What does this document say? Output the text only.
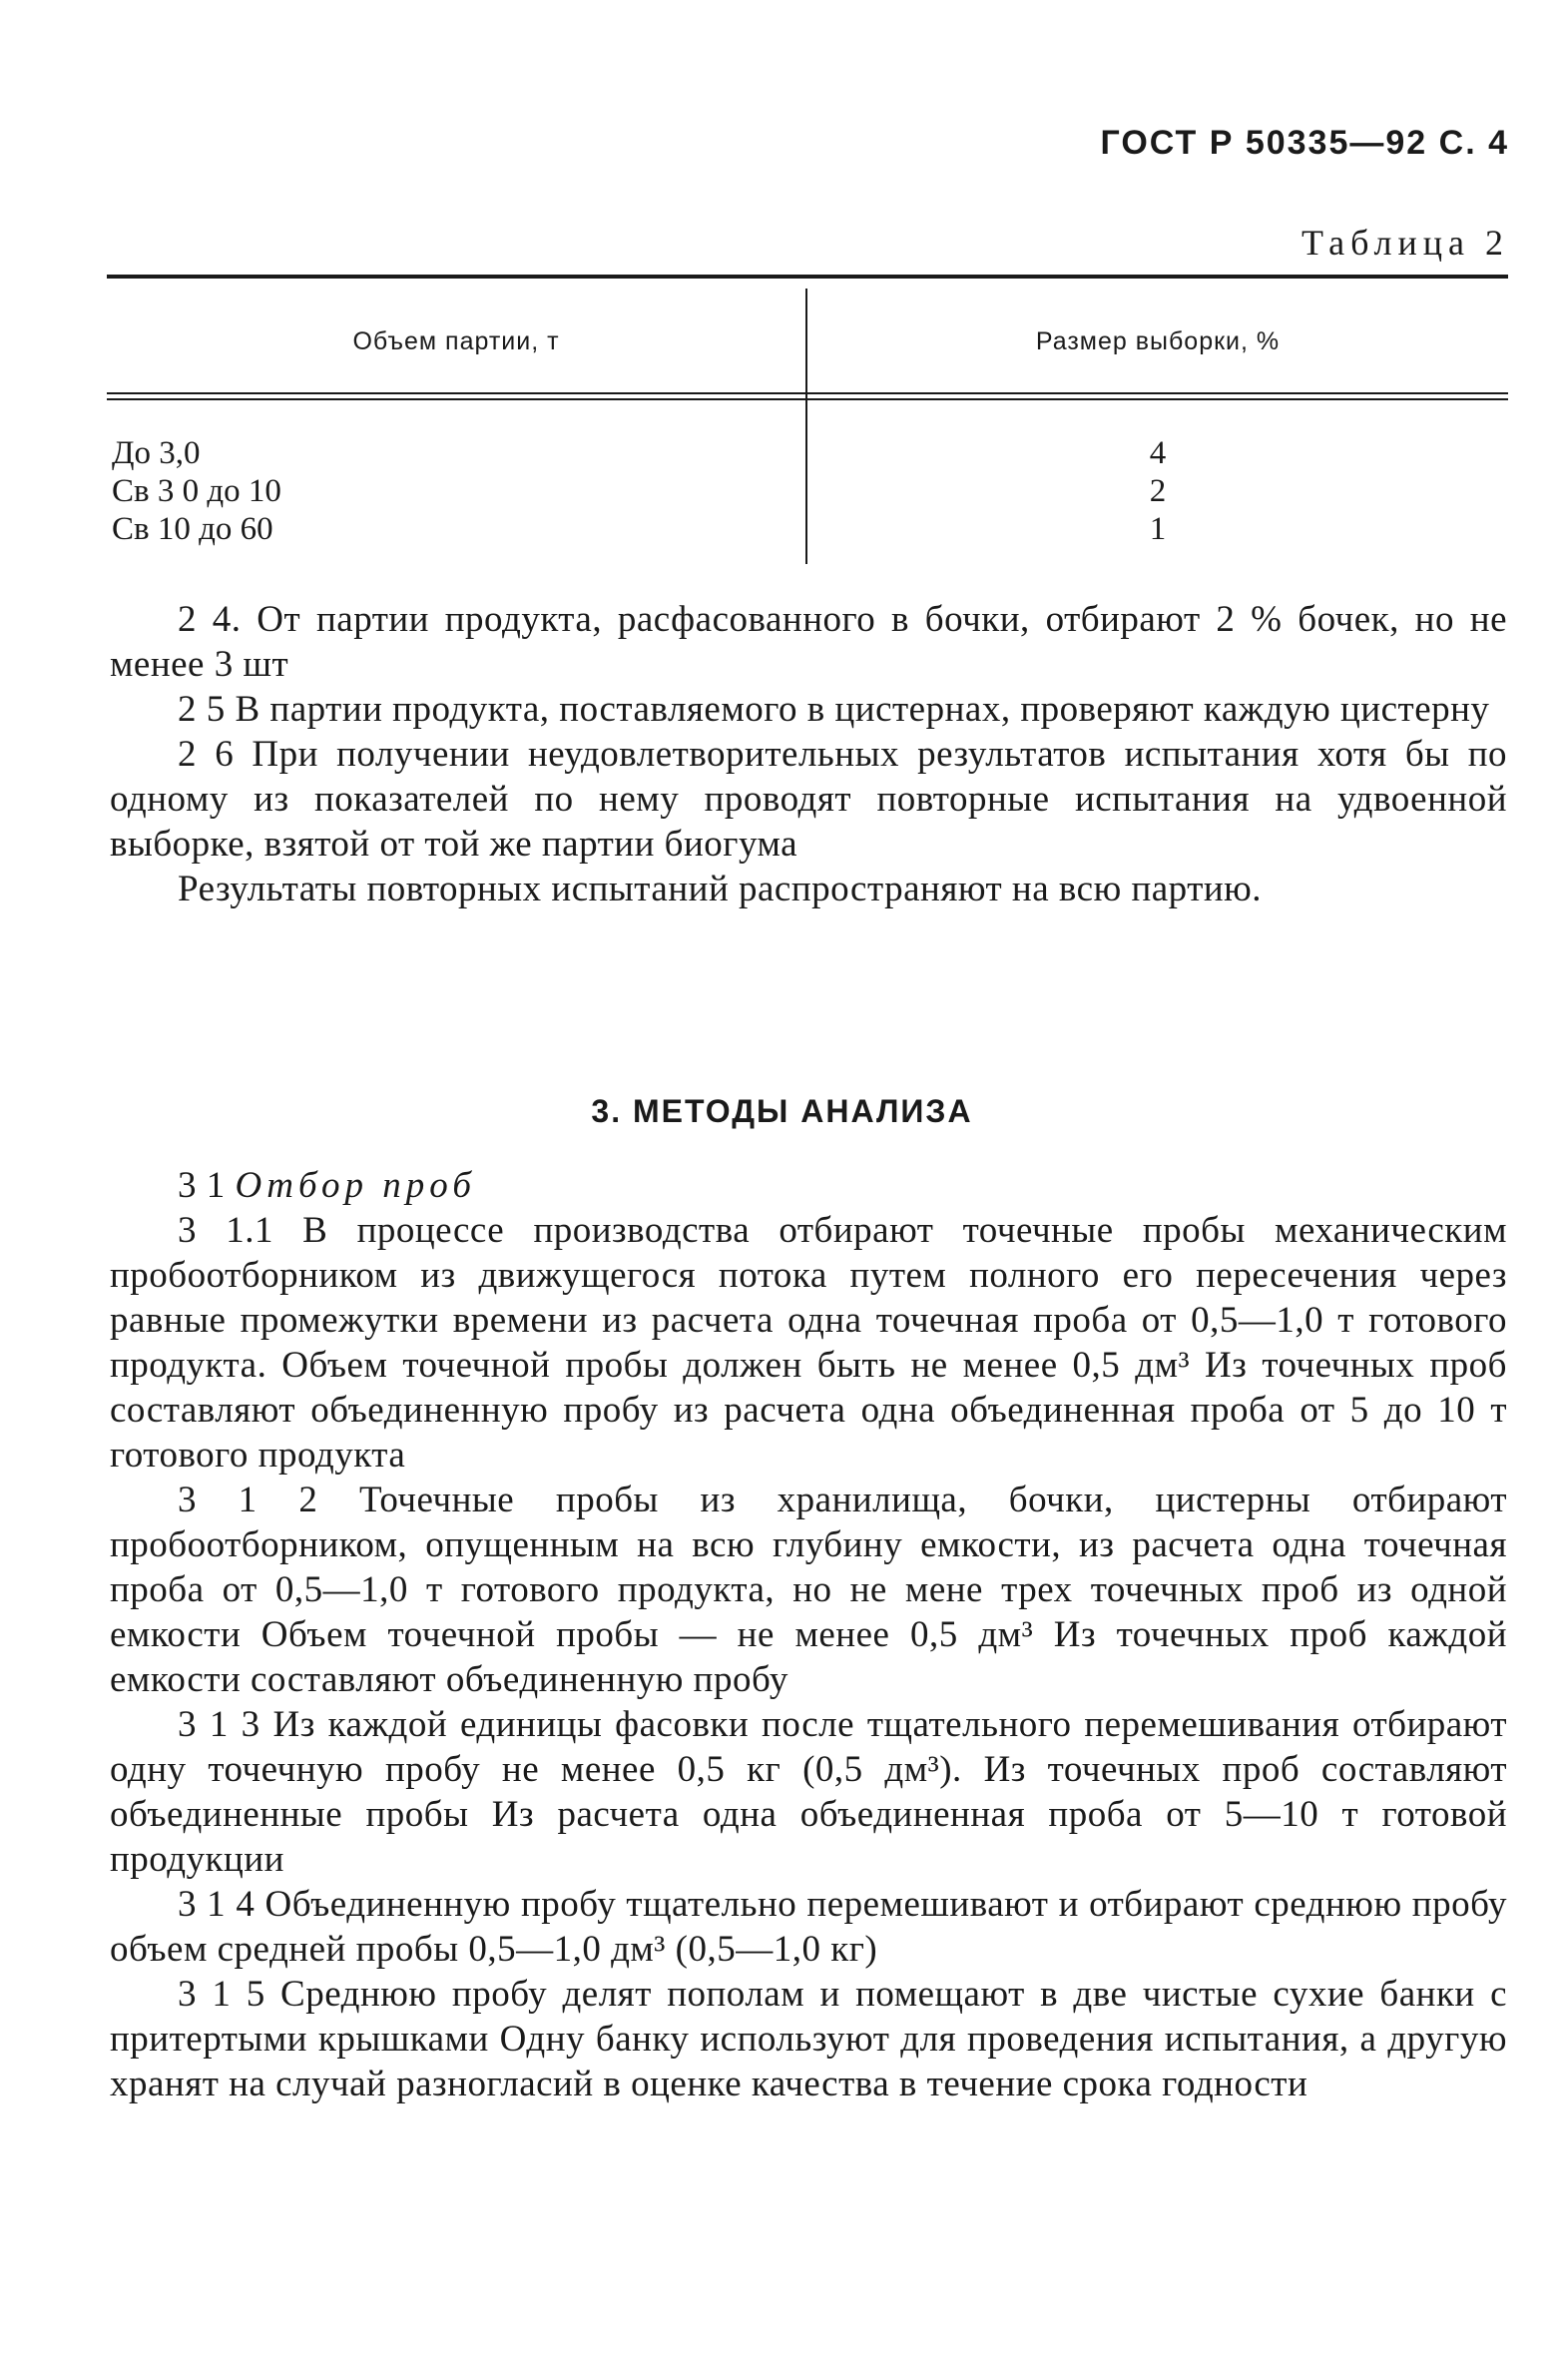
ГОСТ Р 50335—92 С. 4
Таблица 2
Объем партии, т	Размер выборки, %
До 3,0	4
Св 3 0 до 10	2
Св 10 до 60	1

2 4. От партии продукта, расфасованного в бочки, отбирают 2 % бочек, но не менее 3 шт

2 5 В партии продукта, поставляемого в цистернах, проверяют каждую цистерну

2 6 При получении неудовлетворительных результатов испытания хотя бы по одному из показателей по нему проводят повторные испытания на удвоенной выборке, взятой от той же партии биогума

Результаты повторных испытаний распространяют на всю партию.

3. МЕТОДЫ АНАЛИЗА

3 1 Отбор проб

3 1.1 В процессе производства отбирают точечные пробы механическим пробоотборником из движущегося потока путем полного его пересечения через равные промежутки времени из расчета одна точечная проба от 0,5—1,0 т готового продукта. Объем точечной пробы должен быть не менее 0,5 дм³ Из точечных проб составляют объединенную пробу из расчета одна объединенная проба от 5 до 10 т готового продукта

3 1 2 Точечные пробы из хранилища, бочки, цистерны отбирают пробоотборником, опущенным на всю глубину емкости, из расчета одна точечная проба от 0,5—1,0 т готового продукта, но не мене трех точечных проб из одной емкости Объем точечной пробы — не менее 0,5 дм³ Из точечных проб каждой емкости составляют объединенную пробу

3 1 3 Из каждой единицы фасовки после тщательного перемешивания отбирают одну точечную пробу не менее 0,5 кг (0,5 дм³). Из точечных проб составляют объединенные пробы Из расчета одна объединенная проба от 5—10 т готовой продукции

3 1 4 Объединенную пробу тщательно перемешивают и отбирают среднюю пробу объем средней пробы 0,5—1,0 дм³ (0,5—1,0 кг)

3 1 5 Среднюю пробу делят пополам и помещают в две чистые сухие банки с притертыми крышками Одну банку используют для проведения испытания, а другую хранят на случай разногласий в оценке качества в течение срока годности
